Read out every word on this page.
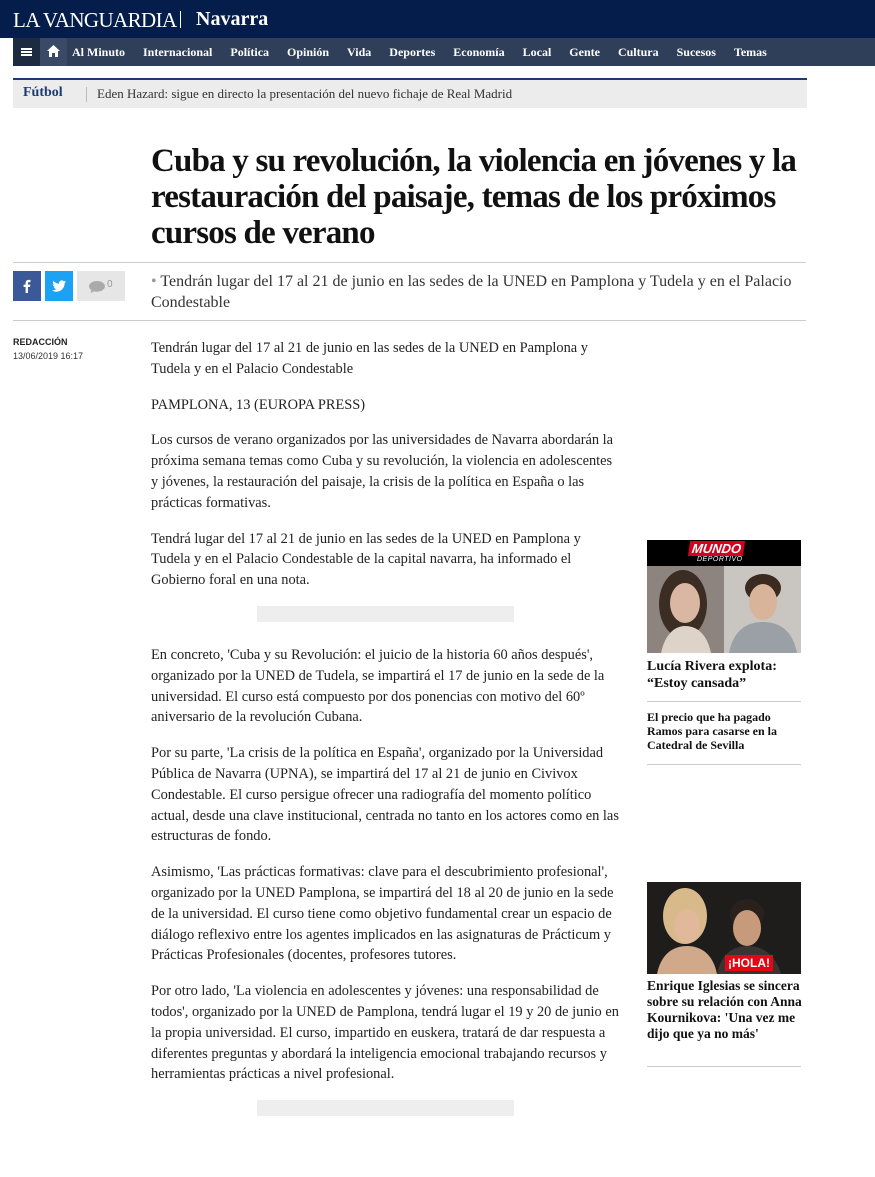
LA VANGUARDIA Navarra
Al Minuto Internacional Política Opinión Vida Deportes Economía Local Gente Cultura Sucesos Temas
Fútbol	Eden Hazard: sigue en directo la presentación del nuevo fichaje de Real Madrid
Cuba y su revolución, la violencia en jóvenes y la restauración del paisaje, temas de los próximos cursos de verano
0 • Tendrán lugar del 17 al 21 de junio en las sedes de la UNED en Pamplona y Tudela y en el Palacio Condestable
REDACCIÓN
13/06/2019 16:17	Tendrán lugar del 17 al 21 de junio en las sedes de la UNED en Pamplona y Tudela y en el Palacio Condestable

PAMPLONA, 13 (EUROPA PRESS)

Los cursos de verano organizados por las universidades de Navarra abordarán la próxima semana temas como Cuba y su revolución, la violencia en adolescentes y jóvenes, la restauración del paisaje, la crisis de la política en España o las prácticas formativas.

Tendrá lugar del 17 al 21 de junio en las sedes de la UNED en Pamplona y Tudela y en el Palacio Condestable de la capital navarra, ha informado el Gobierno foral en una nota.

En concreto, 'Cuba y su Revolución: el juicio de la historia 60 años después', organizado por la UNED de Tudela, se impartirá el 17 de junio en la sede de la universidad. El curso está compuesto por dos ponencias con motivo del 60º aniversario de la revolución Cubana.

Por su parte, 'La crisis de la política en España', organizado por la Universidad Pública de Navarra (UPNA), se impartirá del 17 al 21 de junio en Civivox Condestable. El curso persigue ofrecer una radiografía del momento político actual, desde una clave institucional, centrada no tanto en los actores como en las estructuras de fondo.

Asimismo, 'Las prácticas formativas: clave para el descubrimiento profesional', organizado por la UNED Pamplona, se impartirá del 18 al 20 de junio en la sede de la universidad. El curso tiene como objetivo fundamental crear un espacio de diálogo reflexivo entre los agentes implicados en las asignaturas de Prácticum y Prácticas Profesionales (docentes, profesores tutores.

Por otro lado, 'La violencia en adolescentes y jóvenes: una responsabilidad de todos', organizado por la UNED de Pamplona, tendrá lugar el 19 y 20 de junio en la propia universidad. El curso, impartido en euskera, tratará de dar respuesta a diferentes preguntas y abordará la inteligencia emocional trabajando recursos y herramientas prácticas a nivel profesional.

MUNDO
DEPORTIVO
Lucía Rivera explota: “Estoy cansada”
El precio que ha pagado Ramos para casarse en la Catedral de Sevilla
¡HOLA!
Enrique Iglesias se sincera sobre su relación con Anna Kournikova: 'Una vez me dijo que ya no más'
